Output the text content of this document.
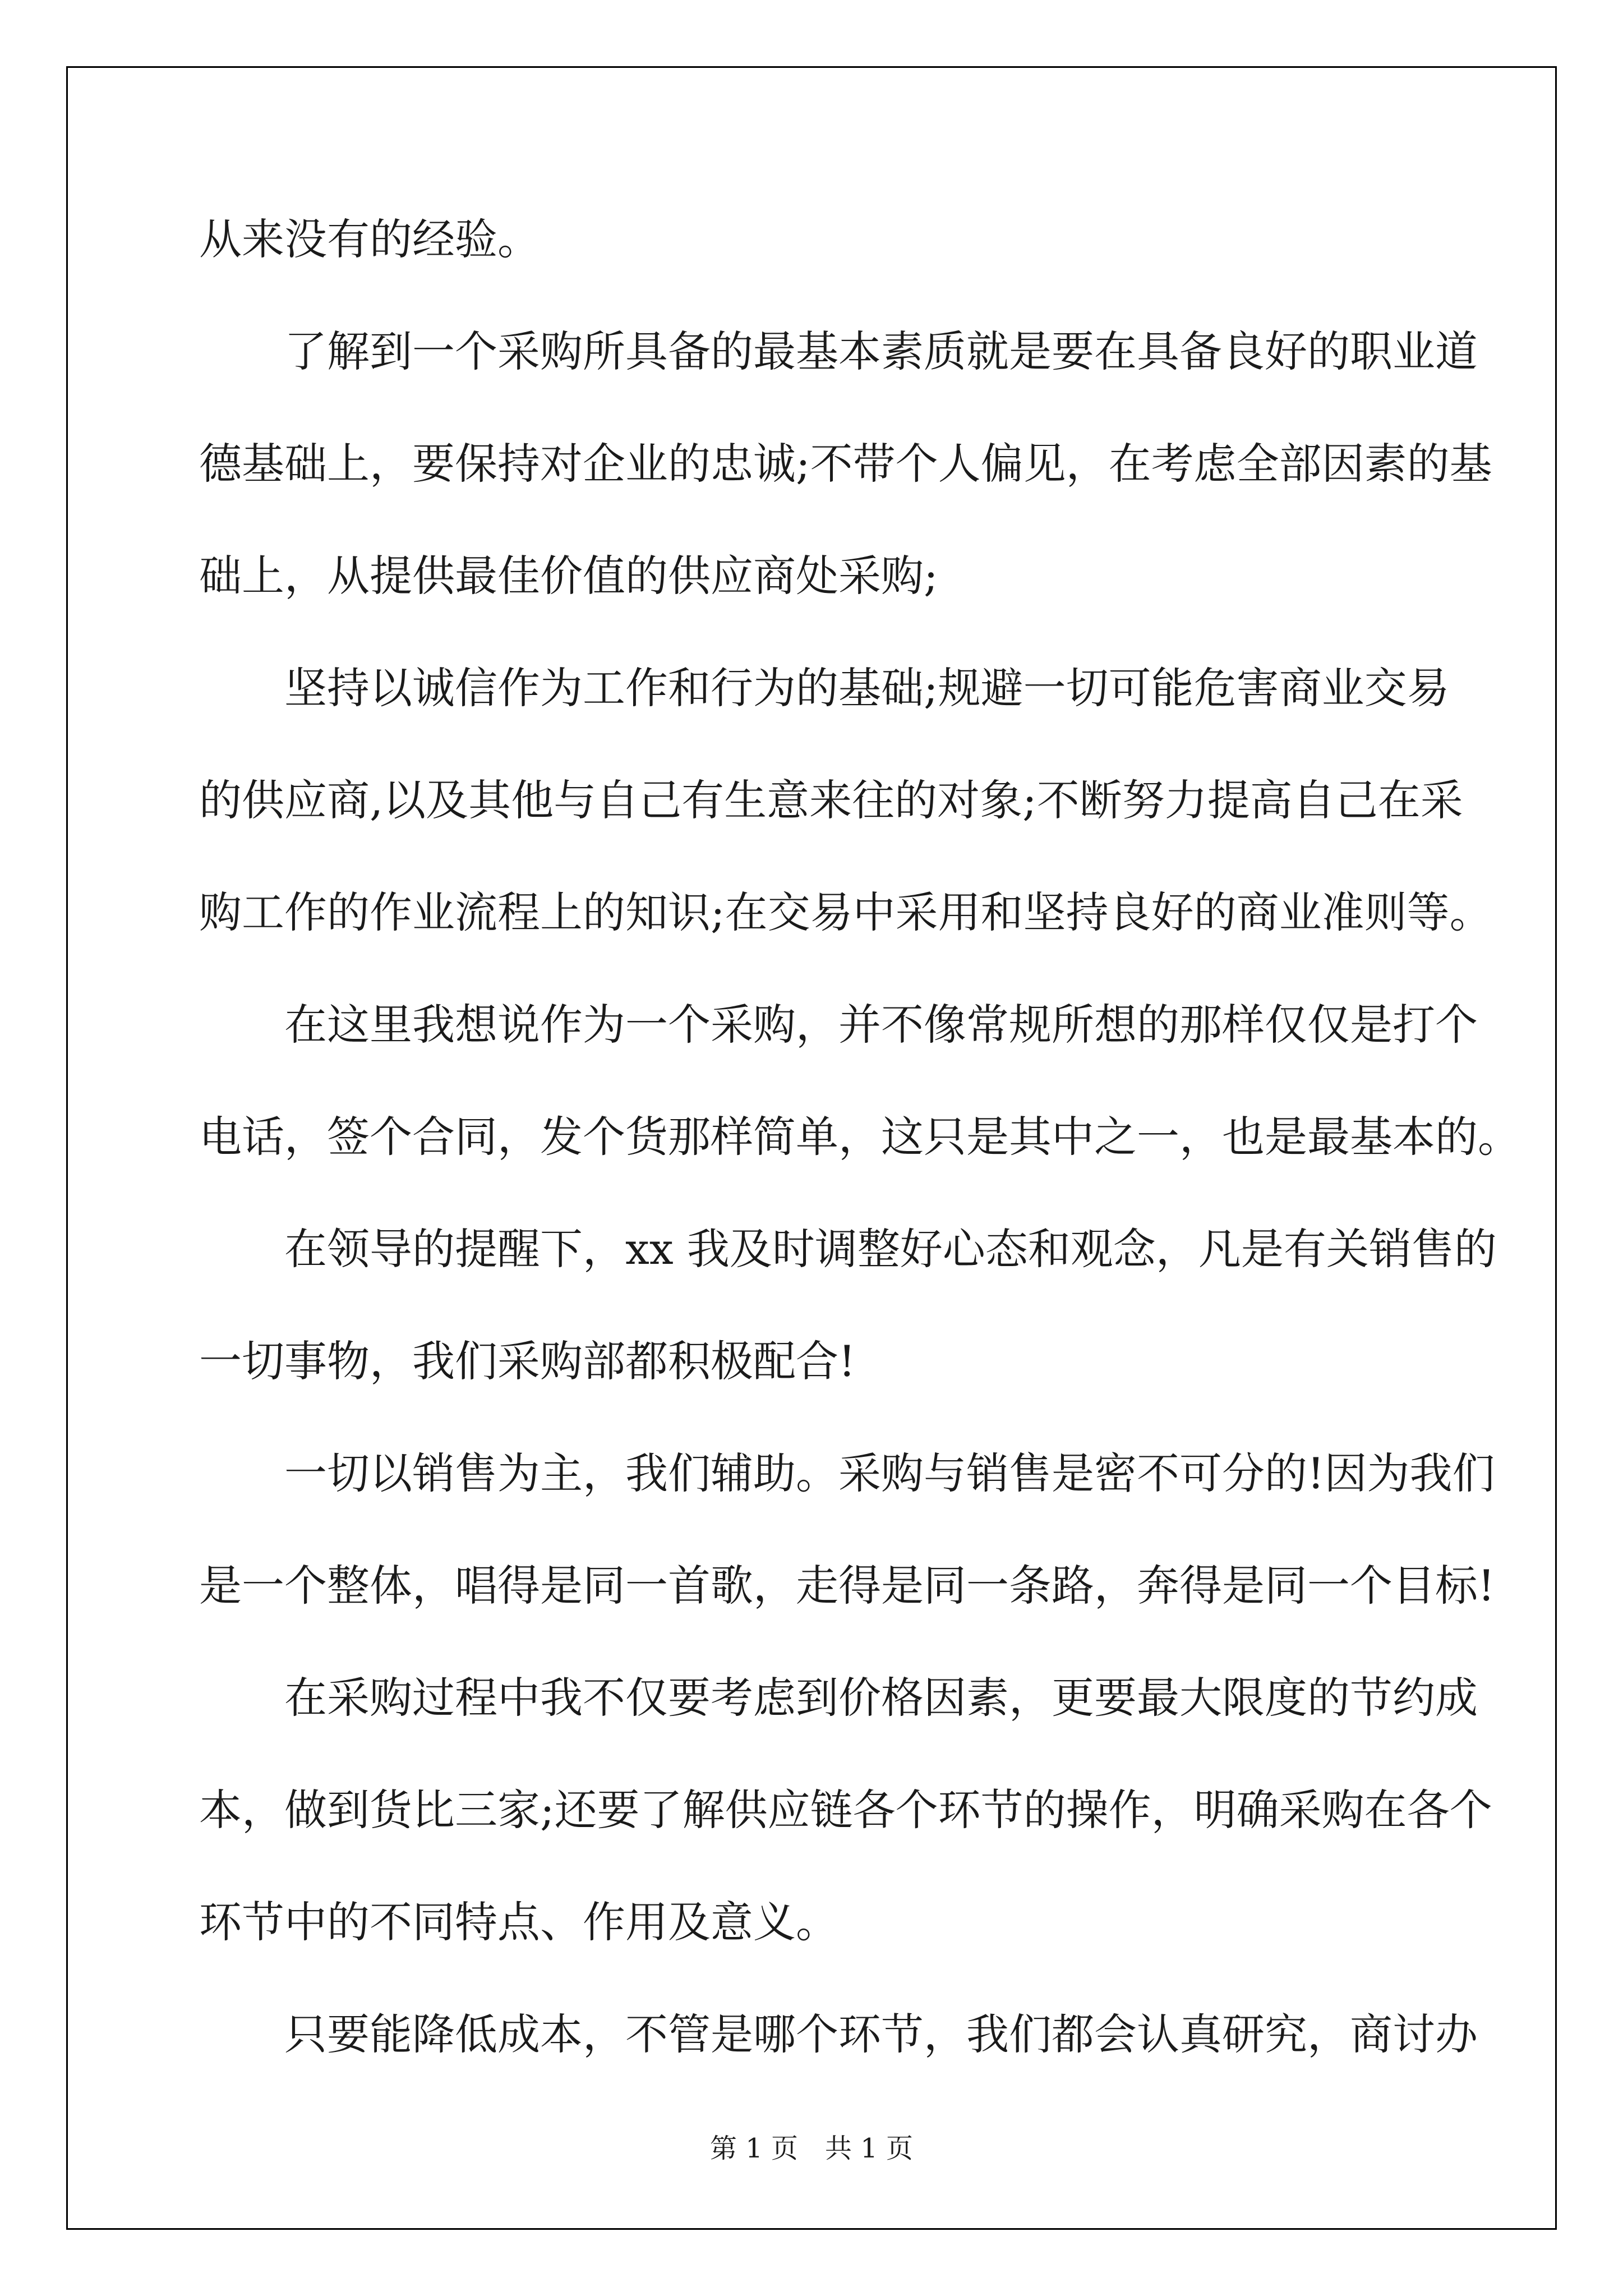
从来没有的经验。
了解到一个采购所具备的最基本素质就是要在具备良好的职业道
德基础上，要保持对企业的忠诚;不带个人偏见，在考虑全部因素的基
础上，从提供最佳价值的供应商处采购;
坚持以诚信作为工作和行为的基础;规避一切可能危害商业交易
的供应商,以及其他与自己有生意来往的对象;不断努力提高自己在采
购工作的作业流程上的知识;在交易中采用和坚持良好的商业准则等。
在这里我想说作为一个采购，并不像常规所想的那样仅仅是打个
电话，签个合同，发个货那样简单，这只是其中之一，也是最基本的。
在领导的提醒下，xx 我及时调整好心态和观念，凡是有关销售的
一切事物，我们采购部都积极配合!
一切以销售为主，我们辅助。采购与销售是密不可分的!因为我们
是一个整体，唱得是同一首歌，走得是同一条路，奔得是同一个目标!
在采购过程中我不仅要考虑到价格因素，更要最大限度的节约成
本，做到货比三家;还要了解供应链各个环节的操作，明确采购在各个
环节中的不同特点、作用及意义。
只要能降低成本，不管是哪个环节，我们都会认真研究，商讨办
第 1 页　共 1 页
